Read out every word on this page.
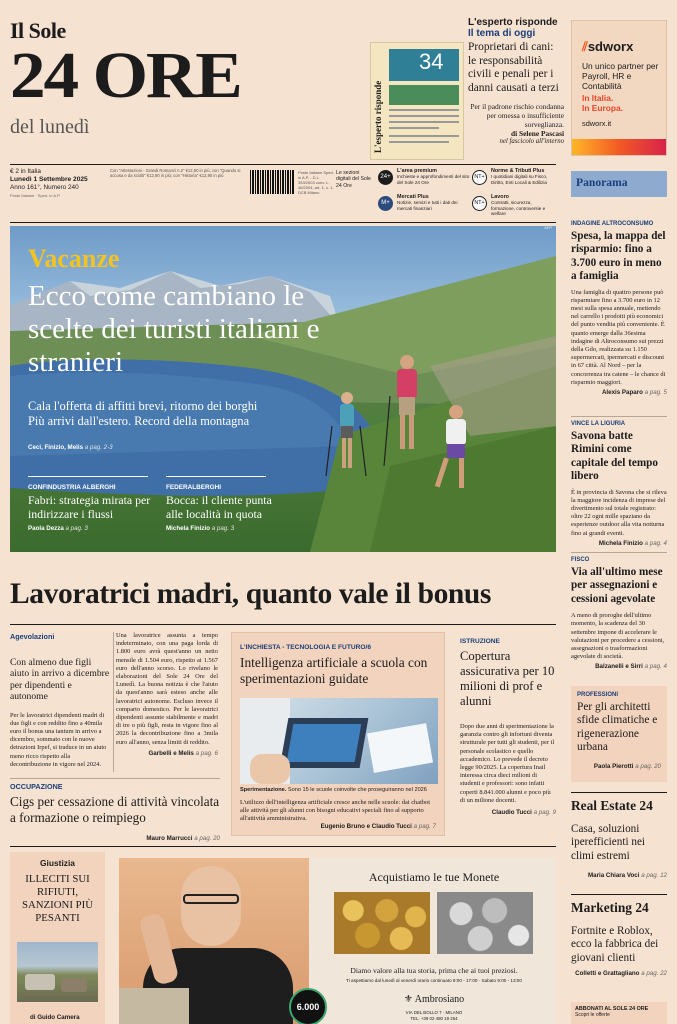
Il Sole
24 ORE
del lunedì	L'esperto risponde
34
L'esperto risponde
Il tema di oggi
Proprietari di cani: le responsabilità civili e penali per i danni causati a terzi
Per il padrone rischio condanna per omessa o insufficiente sorveglianza.
di Selene Pascasi
nel fascicolo all'interno
⫽sdworx
Un unico partner per Payroll, HR e Contabilità
In Italia.
In Europa.
sdworx.it
€ 2 in Italia
Lunedì 1 Settembre 2025
Anno 161°, Numero 240
Poste Italiane · Sped. in A.P.
Con "Attestazioni - Grandi Romanzi n.2" €12,90 in più; con "Quando si accusa e da sciolti" €12,90 in più; con "Historia" €12,90 in più
Poste Italiane Sped. in A.P. - D.L. 353/2003 conv. L. 46/2004, art. 1, c. 1, DCB Milano
Le sezioni digitali del Sole 24 Ore
24+
L'area premium
Inchieste e approfondimenti del sito del Sole 24 Ore
M+
Mercati Plus
Notizie, servizi e tutti i dati dei mercati finanziari
NT+
Norme & Tributi Plus
I quotidiani digitali su Fisco, Diritto, Enti Locali & Edilizia
NT+
Lavoro
Contratti, sicurezza, formazione, controversie e welfare
AFP
Vacanze
Ecco come cambiano le scelte dei turisti italiani e stranieri
Cala l'offerta di affitti brevi, ritorno dei borghi
Più arrivi dall'estero. Record della montagna
Ceci, Finizio, Melis a pag. 2-3
CONFINDUSTRIA ALBERGHI
Fabri: strategia mirata per indirizzare i flussi
Paola Dezza a pag. 3
FEDERALBERGHI
Bocca: il cliente punta alle località in quota
Michela Finizio a pag. 3
Lavoratrici madri, quanto vale il bonus
Agevolazioni
Con almeno due figli aiuto in arrivo a dicembre per dipendenti e autonome
Per le lavoratrici dipendenti madri di due figli e con reddito fino a 40mila euro il bonus una tantum in arrivo a dicembre, sommato con le nuove detrazioni Irpef, si traduce in un aiuto meno ricco rispetto alla decontribuzione in vigore nel 2024.
Una lavoratrice assunta a tempo indeterminato, con una paga lorda di 1.800 euro avrà quest'anno un netto mensile di 1.504 euro, rispetto ai 1.567 euro dell'anno scorso. Lo rivelano le elaborazioni del Sole 24 Ore del Lunedì. La buona notizia è che l'aiuto da quest'anno sarà esteso anche alle lavoratrici autonome. Escluso invece il comparto domestico. Per le lavoratrici dipendenti assunte stabilmente e madri di tre o più figli, resta in vigore fino al 2026 la decontribuzione fino a 3mila euro all'anno, senza limiti di reddito.
Garbelli e Melis a pag. 6
OCCUPAZIONE
Cigs per cessazione di attività vincolata a formazione o reimpiego
Mauro Marrucci a pag. 20
L'INCHIESTA - TECNOLOGIA E FUTURO/6
Intelligenza artificiale a scuola con sperimentazioni guidate
Sperimentazione. Sono 15 le scuole coinvolte che proseguiranno nel 2026
L'utilizzo dell'intelligenza artificiale cresce anche nelle scuole: dai chatbot alle attività per gli alunni con bisogni educativi speciali fino al supporto all'attività amministrativa.
Eugenio Bruno e Claudio Tucci a pag. 7
ISTRUZIONE
Copertura assicurativa per 10 milioni di prof e alunni
Dopo due anni di sperimentazione la garanzia contro gli infortuni diventa strutturale per tutti gli studenti, per il personale scolastico e quello accademico. Lo prevede il decreto legge 90/2025. La copertura Inail interessa circa dieci milioni di studenti e professori: sono infatti coperti 8.841.000 alunni e poco più di un milione docenti.
Claudio Tucci a pag. 9
Giustizia
ILLECITI SUI RIFIUTI, SANZIONI PIÙ PESANTI
di Guido Camera
6.000
Acquistiamo le tue Monete
Diamo valore alla tua storia, prima che ai tuoi preziosi.
Ti aspettiamo dal lunedì al venerdì orario continuato 9:00 - 17:00 · Sabato 9:00 - 13:00
⚜ Ambrosiano
VIA DEL BOLLO 7 · MILANO
TEL. +39 02 480 19 264
Panorama
INDAGINE ALTROCONSUMO
Spesa, la mappa del risparmio: fino a 3.700 euro in meno a famiglia
Una famiglia di quattro persone può risparmiare fino a 3.700 euro in 12 mesi sulla spesa annuale, mettendo nel carrello i prodotti più economici del punto vendita più conveniente. È quanto emerge dalla 36esima indagine di Altroconsumo sui prezzi della Gdo, realizzata su 1.150 supermercati, ipermercati e discount in 67 città. Al Nord – per la concorrenza tra catene – le chance di risparmio maggiori.
Alexis Paparo a pag. 5
VINCE LA LIGURIA
Savona batte Rimini come capitale del tempo libero
È in provincia di Savona che si rileva la maggiore incidenza di imprese del divertimento sul totale registrato: oltre 22 ogni mille spaziano da esperienze outdoor alla vita notturna fino ai grandi eventi.
Michela Finizio a pag. 4
FISCO
Via all'ultimo mese per assegnazioni e cessioni agevolate
A meno di proroghe dell'ultimo momento, la scadenza del 30 settembre impone di accelerare le valutazioni per procedere a cessioni, assegnazioni o trasformazioni agevolate di società.
Balzanelli e Sirri a pag. 4
PROFESSIONI
Per gli architetti sfide climatiche e rigenerazione urbana
Paola Pierotti a pag. 20
Real Estate 24
Casa, soluzioni iperefficienti nei climi estremi
Maria Chiara Voci a pag. 12
Marketing 24
Fortnite e Roblox, ecco la fabbrica dei giovani clienti
Colletti e Grattagliano a pag. 22
ABBONATI AL SOLE 24 ORE
Scopri le offerte
